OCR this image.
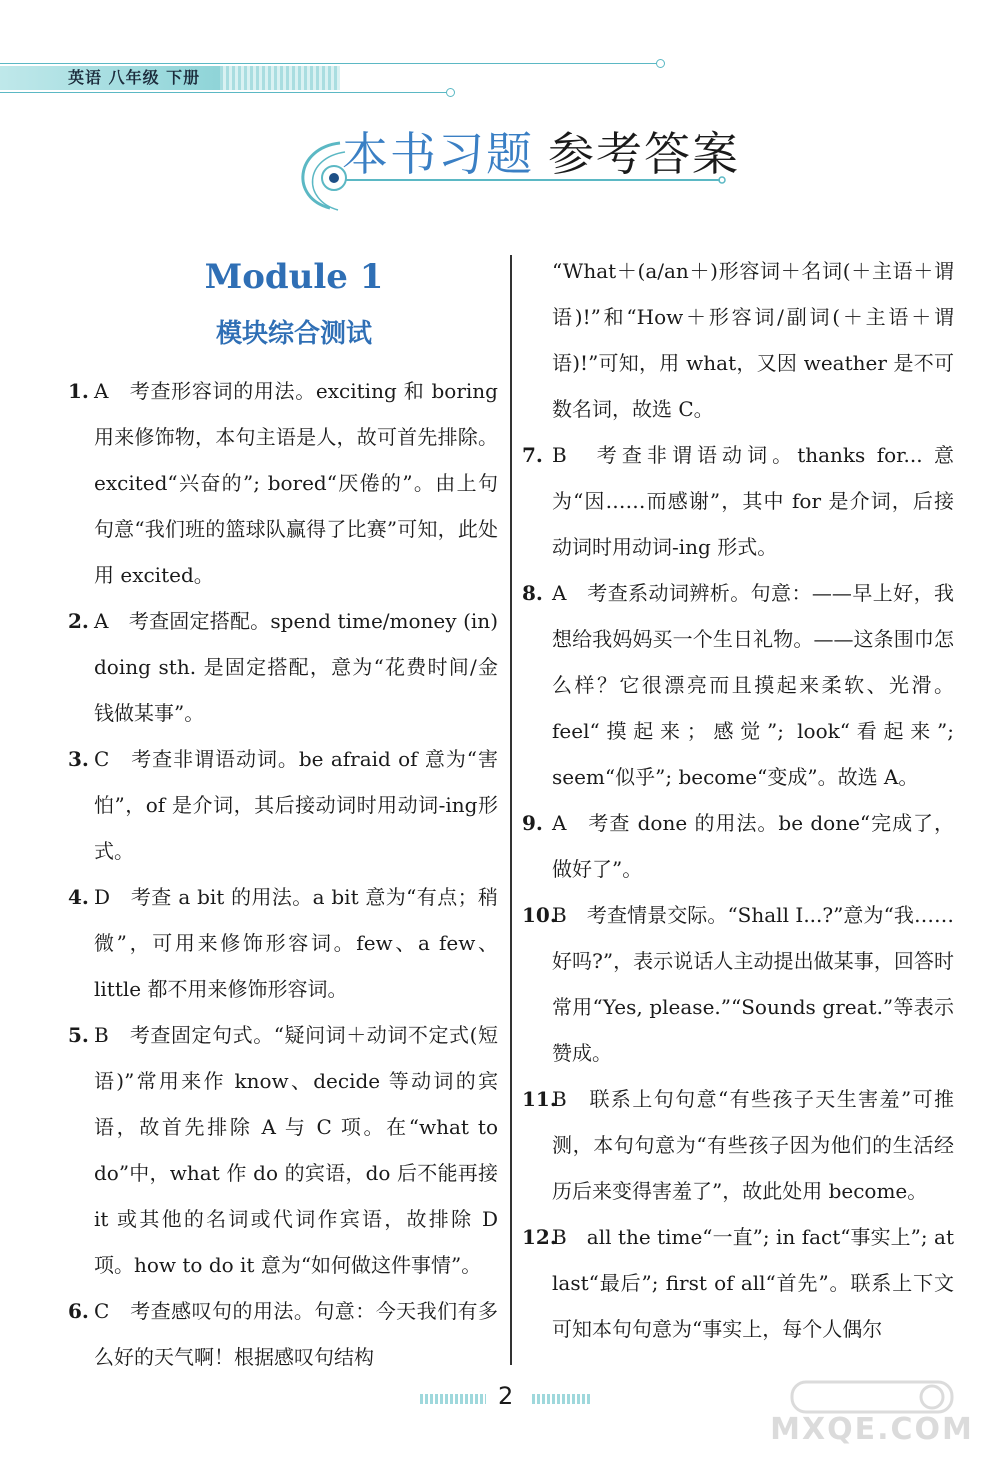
英语 八年级 下册
本书习题 参考答案
Module 1
模块综合测试
1. A　考查形容词的用法。exciting 和 boring 用来修饰物，本句主语是人，故可首先排除。excited“兴奋的”; bored“厌倦的”。由上句句意“我们班的篮球队赢得了比赛”可知，此处用 excited。
2. A　考查固定搭配。spend time/money (in) doing sth. 是固定搭配，意为“花费时间/金钱做某事”。
3. C　考查非谓语动词。be afraid of 意为“害怕”，of 是介词，其后接动词时用动词-ing形式。
4. D　考查 a bit 的用法。a bit 意为“有点；稍微”，可用来修饰形容词。few、a few、little 都不用来修饰形容词。
5. B　考查固定句式。“疑问词＋动词不定式(短语)”常用来作 know、decide 等动词的宾语，故首先排除 A 与 C 项。在“what to do”中，what 作 do 的宾语，do 后不能再接 it 或其他的名词或代词作宾语，故排除 D 项。how to do it 意为“如何做这件事情”。
6. C　考查感叹句的用法。句意：今天我们有多么好的天气啊！根据感叹句结构
“What＋(a/an＋)形容词＋名词(＋主语＋谓语)!”和“How＋形容词/副词(＋主语＋谓语)!”可知，用 what，又因 weather 是不可数名词，故选 C。
7. B　考查非谓语动词。thanks for... 意为“因……而感谢”，其中 for 是介词，后接动词时用动词-ing 形式。
8. A　考查系动词辨析。句意：——早上好，我想给我妈妈买一个生日礼物。——这条围巾怎么样？它很漂亮而且摸起来柔软、光滑。feel“摸起来；感觉”; look“看起来”; seem“似乎”; become“变成”。故选 A。
9. A　考查 done 的用法。be done“完成了，做好了”。
10.
B　考查情景交际。“Shall I...?”意为“我……好吗?”，表示说话人主动提出做某事，回答时常用“Yes, please.”“Sounds great.”等表示赞成。
11.
B　联系上句句意“有些孩子天生害羞”可推测，本句句意为“有些孩子因为他们的生活经历后来变得害羞了”，故此处用 become。
12.
B　all the time“一直”; in fact“事实上”; at last“最后”; first of all“首先”。联系上下文可知本句句意为“事实上，每个人偶尔
2
MXQE.COM
